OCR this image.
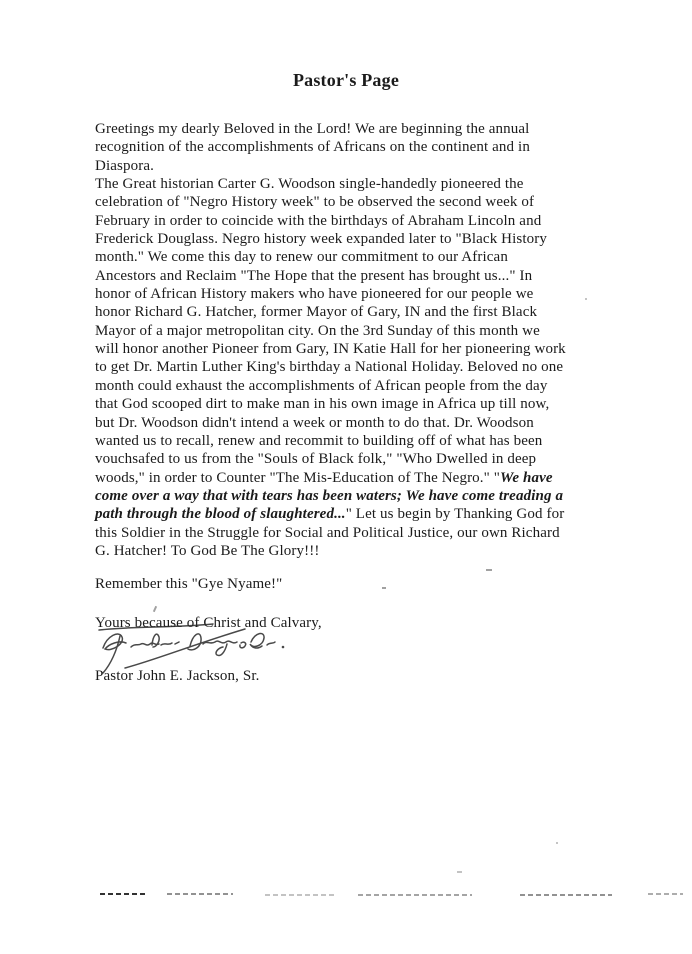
Pastor's Page
Greetings my dearly Beloved in the Lord! We are beginning the annual
recognition of the accomplishments of Africans on the continent and in
Diaspora.
The Great historian Carter G. Woodson single-handedly pioneered the
celebration of "Negro History week" to be observed the second week of
February in order to coincide with the birthdays of Abraham Lincoln and
Frederick Douglass. Negro history week expanded later to "Black History
month." We come this day to renew our commitment to our African
Ancestors and Reclaim "The Hope that the present has brought us..." In
honor of African History makers who have pioneered for our people we
honor Richard G. Hatcher, former Mayor of Gary, IN and the first Black
Mayor of a major metropolitan city. On the 3rd Sunday of this month we
will honor another Pioneer from Gary, IN Katie Hall for her pioneering work
to get Dr. Martin Luther King's birthday a National Holiday. Beloved no one
month could exhaust the accomplishments of African people from the day
that God scooped dirt to make man in his own image in Africa up till now,
but Dr. Woodson didn't intend a week or month to do that. Dr. Woodson
wanted us to recall, renew and recommit to building off of what has been
vouchsafed to us from the "Souls of Black folk," "Who Dwelled in deep
woods," in order to Counter "The Mis-Education of The Negro." "We have
come over a way that with tears has been waters; We have come treading a
path through the blood of slaughtered..." Let us begin by Thanking God for
this Soldier in the Struggle for Social and Political Justice, our own Richard
G. Hatcher! To God Be The Glory!!!
Remember this "Gye Nyame!"
Yours because of Christ and Calvary,
Pastor John E. Jackson, Sr.
